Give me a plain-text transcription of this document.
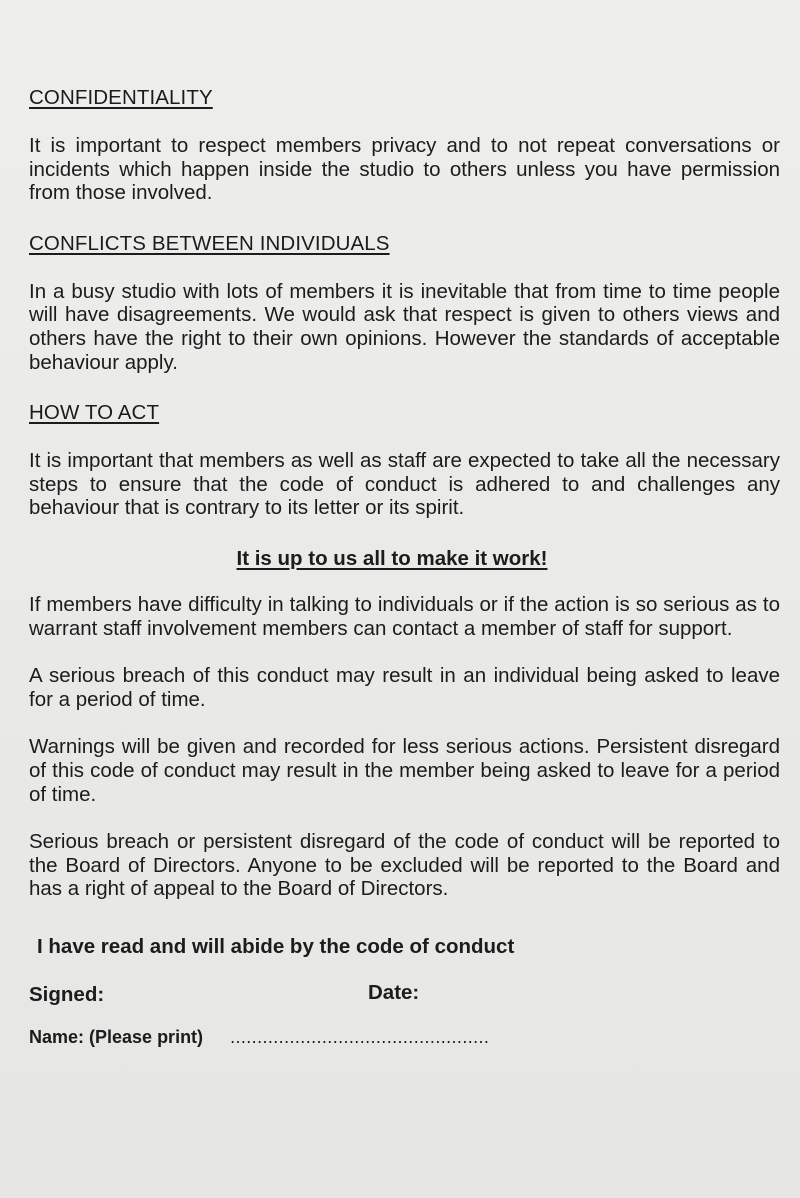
CONFIDENTIALITY

It is important to respect members privacy and to not repeat conversations or incidents which happen inside the studio to others unless you have permission from those involved.

CONFLICTS BETWEEN INDIVIDUALS

In a busy studio with lots of members it is inevitable that from time to time people will have disagreements. We would ask that respect is given to others views and others have the right to their own opinions. However the standards of acceptable behaviour apply.

HOW TO ACT

It is important that members as well as staff are expected to take all the necessary steps to ensure that the code of conduct is adhered to and challenges any behaviour that is contrary to its letter or its spirit.

It is up to us all to make it work!

If members have difficulty in talking to individuals or if the action is so serious as to warrant staff involvement members can contact a member of staff for support.

A serious breach of this conduct may result in an individual being asked to leave for a period of time.

Warnings will be given and recorded for less serious actions. Persistent disregard of this code of conduct may result in the member being asked to leave for a period of time.

Serious breach or persistent disregard of the code of conduct will be reported to the Board of Directors. Anyone to be excluded will be reported to the Board and has a right of appeal to the Board of Directors.

I have read and will abide by the code of conduct
Signed:	Date:
Name: (Please print) ................................................
